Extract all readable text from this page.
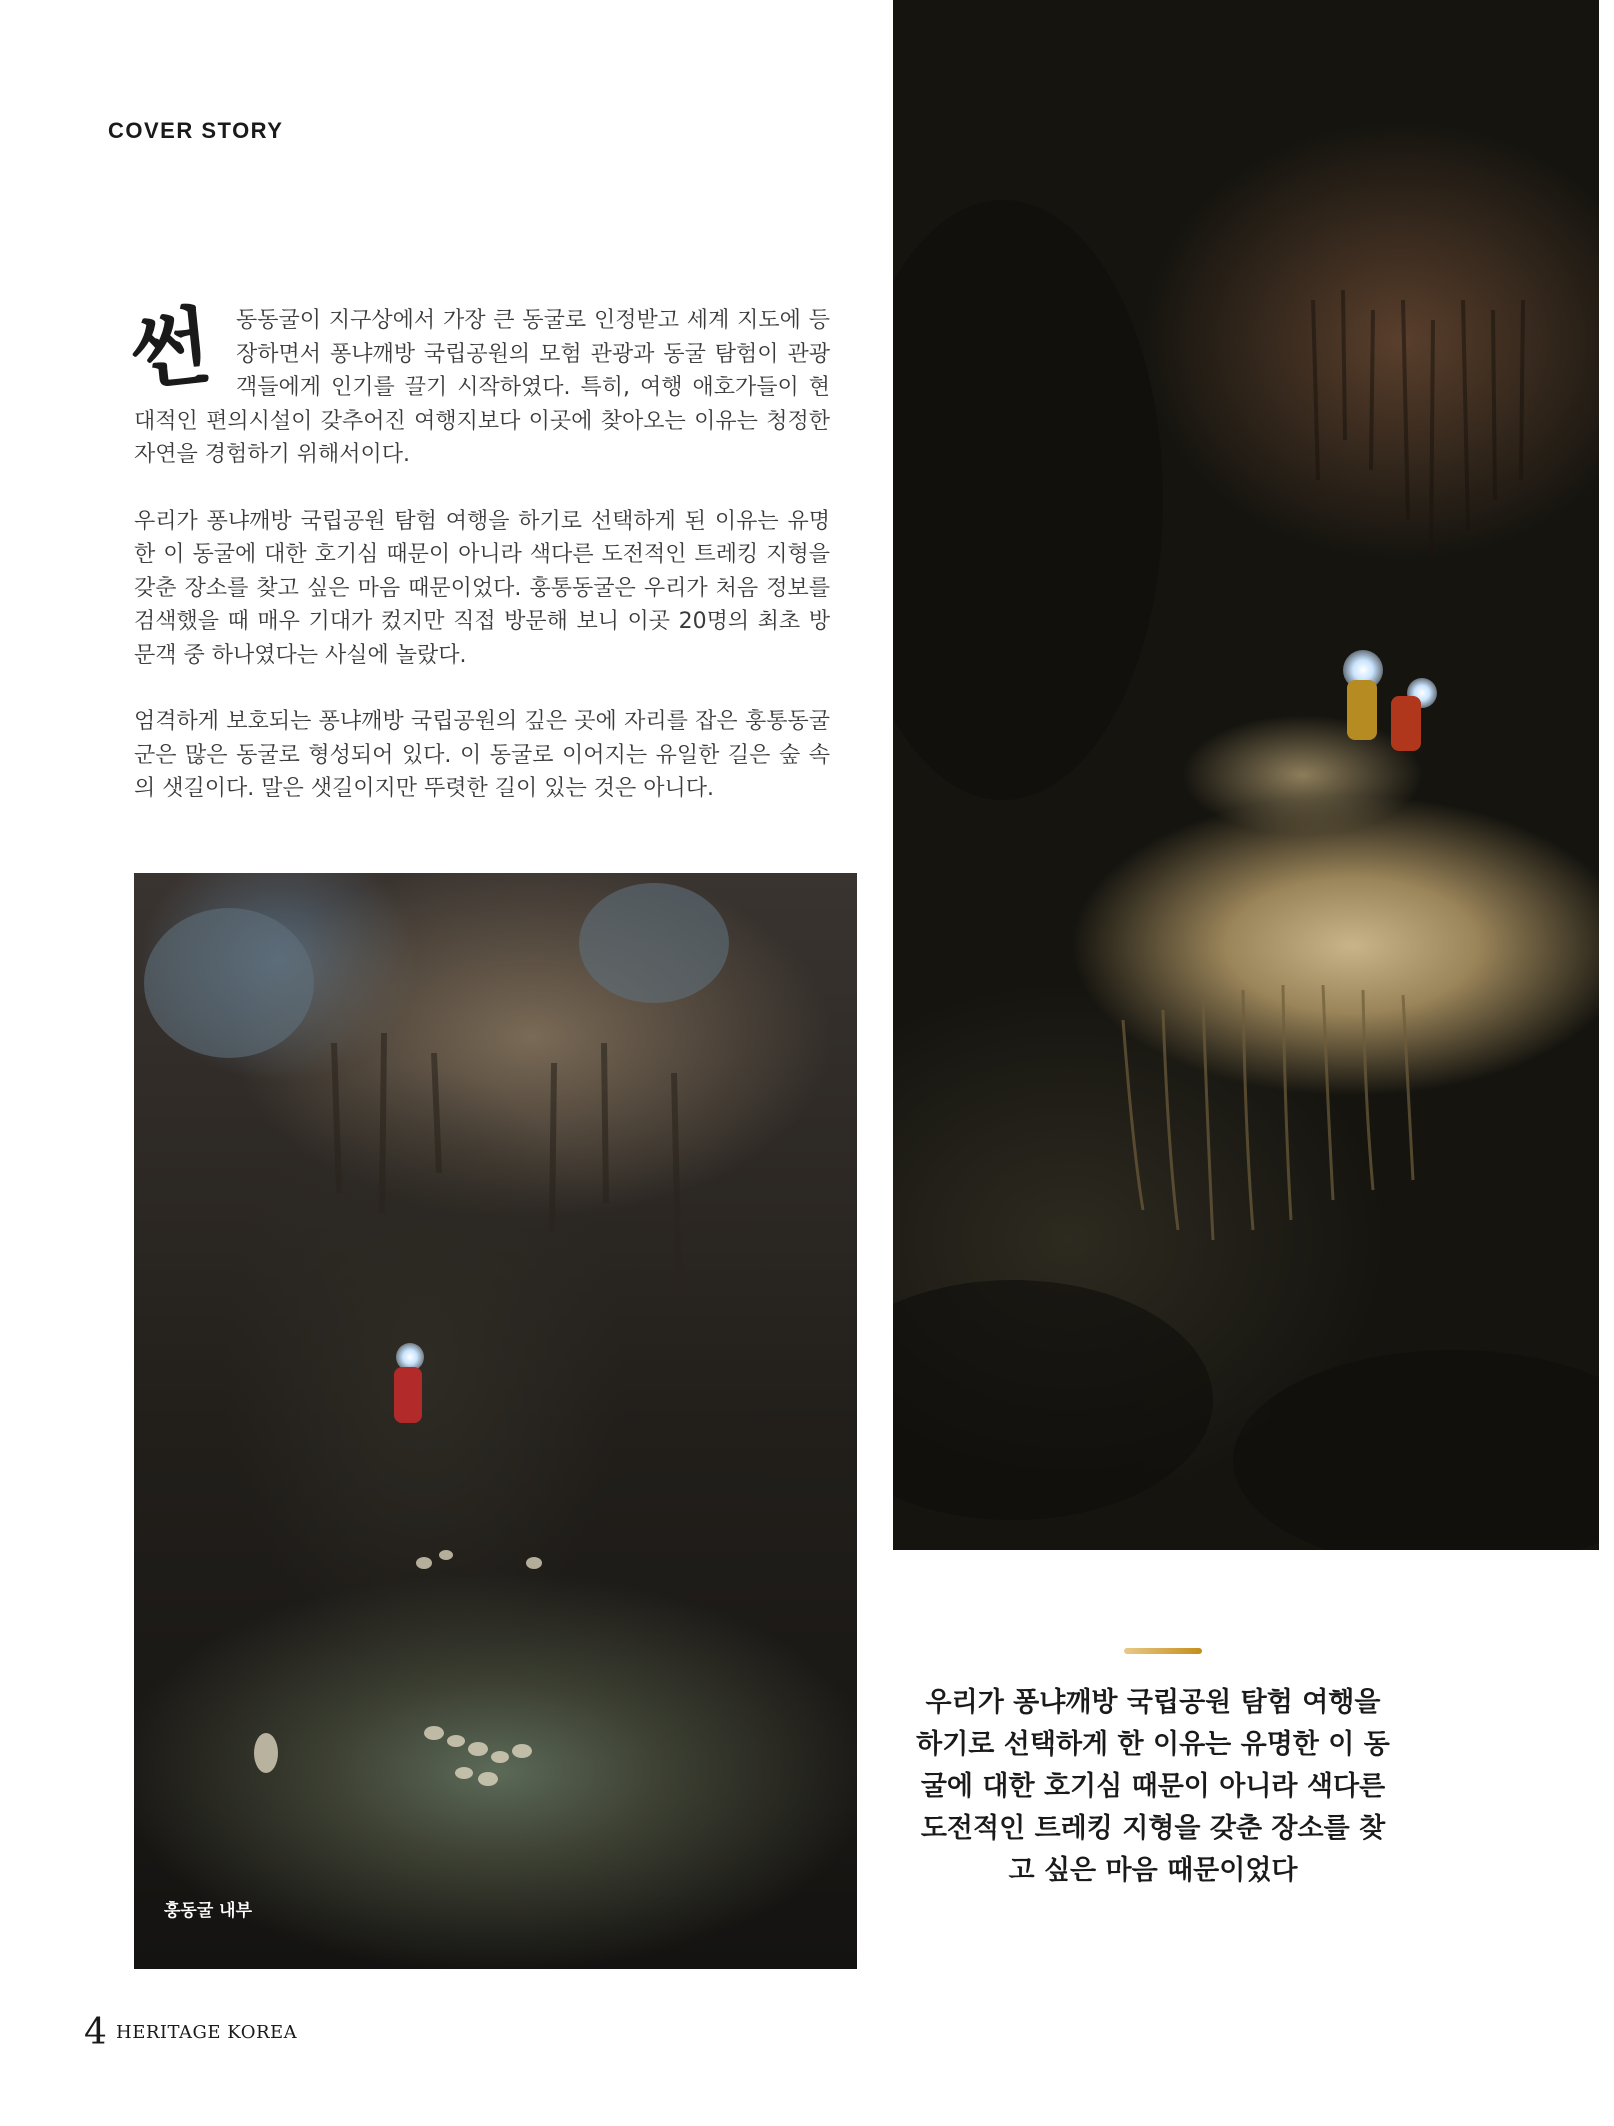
COVER STORY

썬 동동굴이 지구상에서 가장 큰 동굴로 인정받고 세계 지도에 등장하면서 퐁냐깨방 국립공원의 모험 관광과 동굴 탐험이 관광객들에게 인기를 끌기 시작하였다. 특히, 여행 애호가들이 현대적인 편의시설이 갖추어진 여행지보다 이곳에 찾아오는 이유는 청정한 자연을 경험하기 위해서이다.

우리가 퐁냐깨방 국립공원 탐험 여행을 하기로 선택하게 된 이유는 유명한 이 동굴에 대한 호기심 때문이 아니라 색다른 도전적인 트레킹 지형을 갖춘 장소를 찾고 싶은 마음 때문이었다. 훙통동굴은 우리가 처음 정보를 검색했을 때 매우 기대가 컸지만 직접 방문해 보니 이곳 20명의 최초 방문객 중 하나였다는 사실에 놀랐다.

엄격하게 보호되는 퐁냐깨방 국립공원의 깊은 곳에 자리를 잡은 훙통동굴군은 많은 동굴로 형성되어 있다. 이 동굴로 이어지는 유일한 길은 숲 속의 샛길이다. 말은 샛길이지만 뚜렷한 길이 있는 것은 아니다.

훙동굴 내부
우리가 퐁냐깨방 국립공원 탐험 여행을 하기로 선택하게 한 이유는 유명한 이 동굴에 대한 호기심 때문이 아니라 색다른 도전적인 트레킹 지형을 갖춘 장소를 찾고 싶은 마음 때문이었다
4 HERITAGE KOREA
